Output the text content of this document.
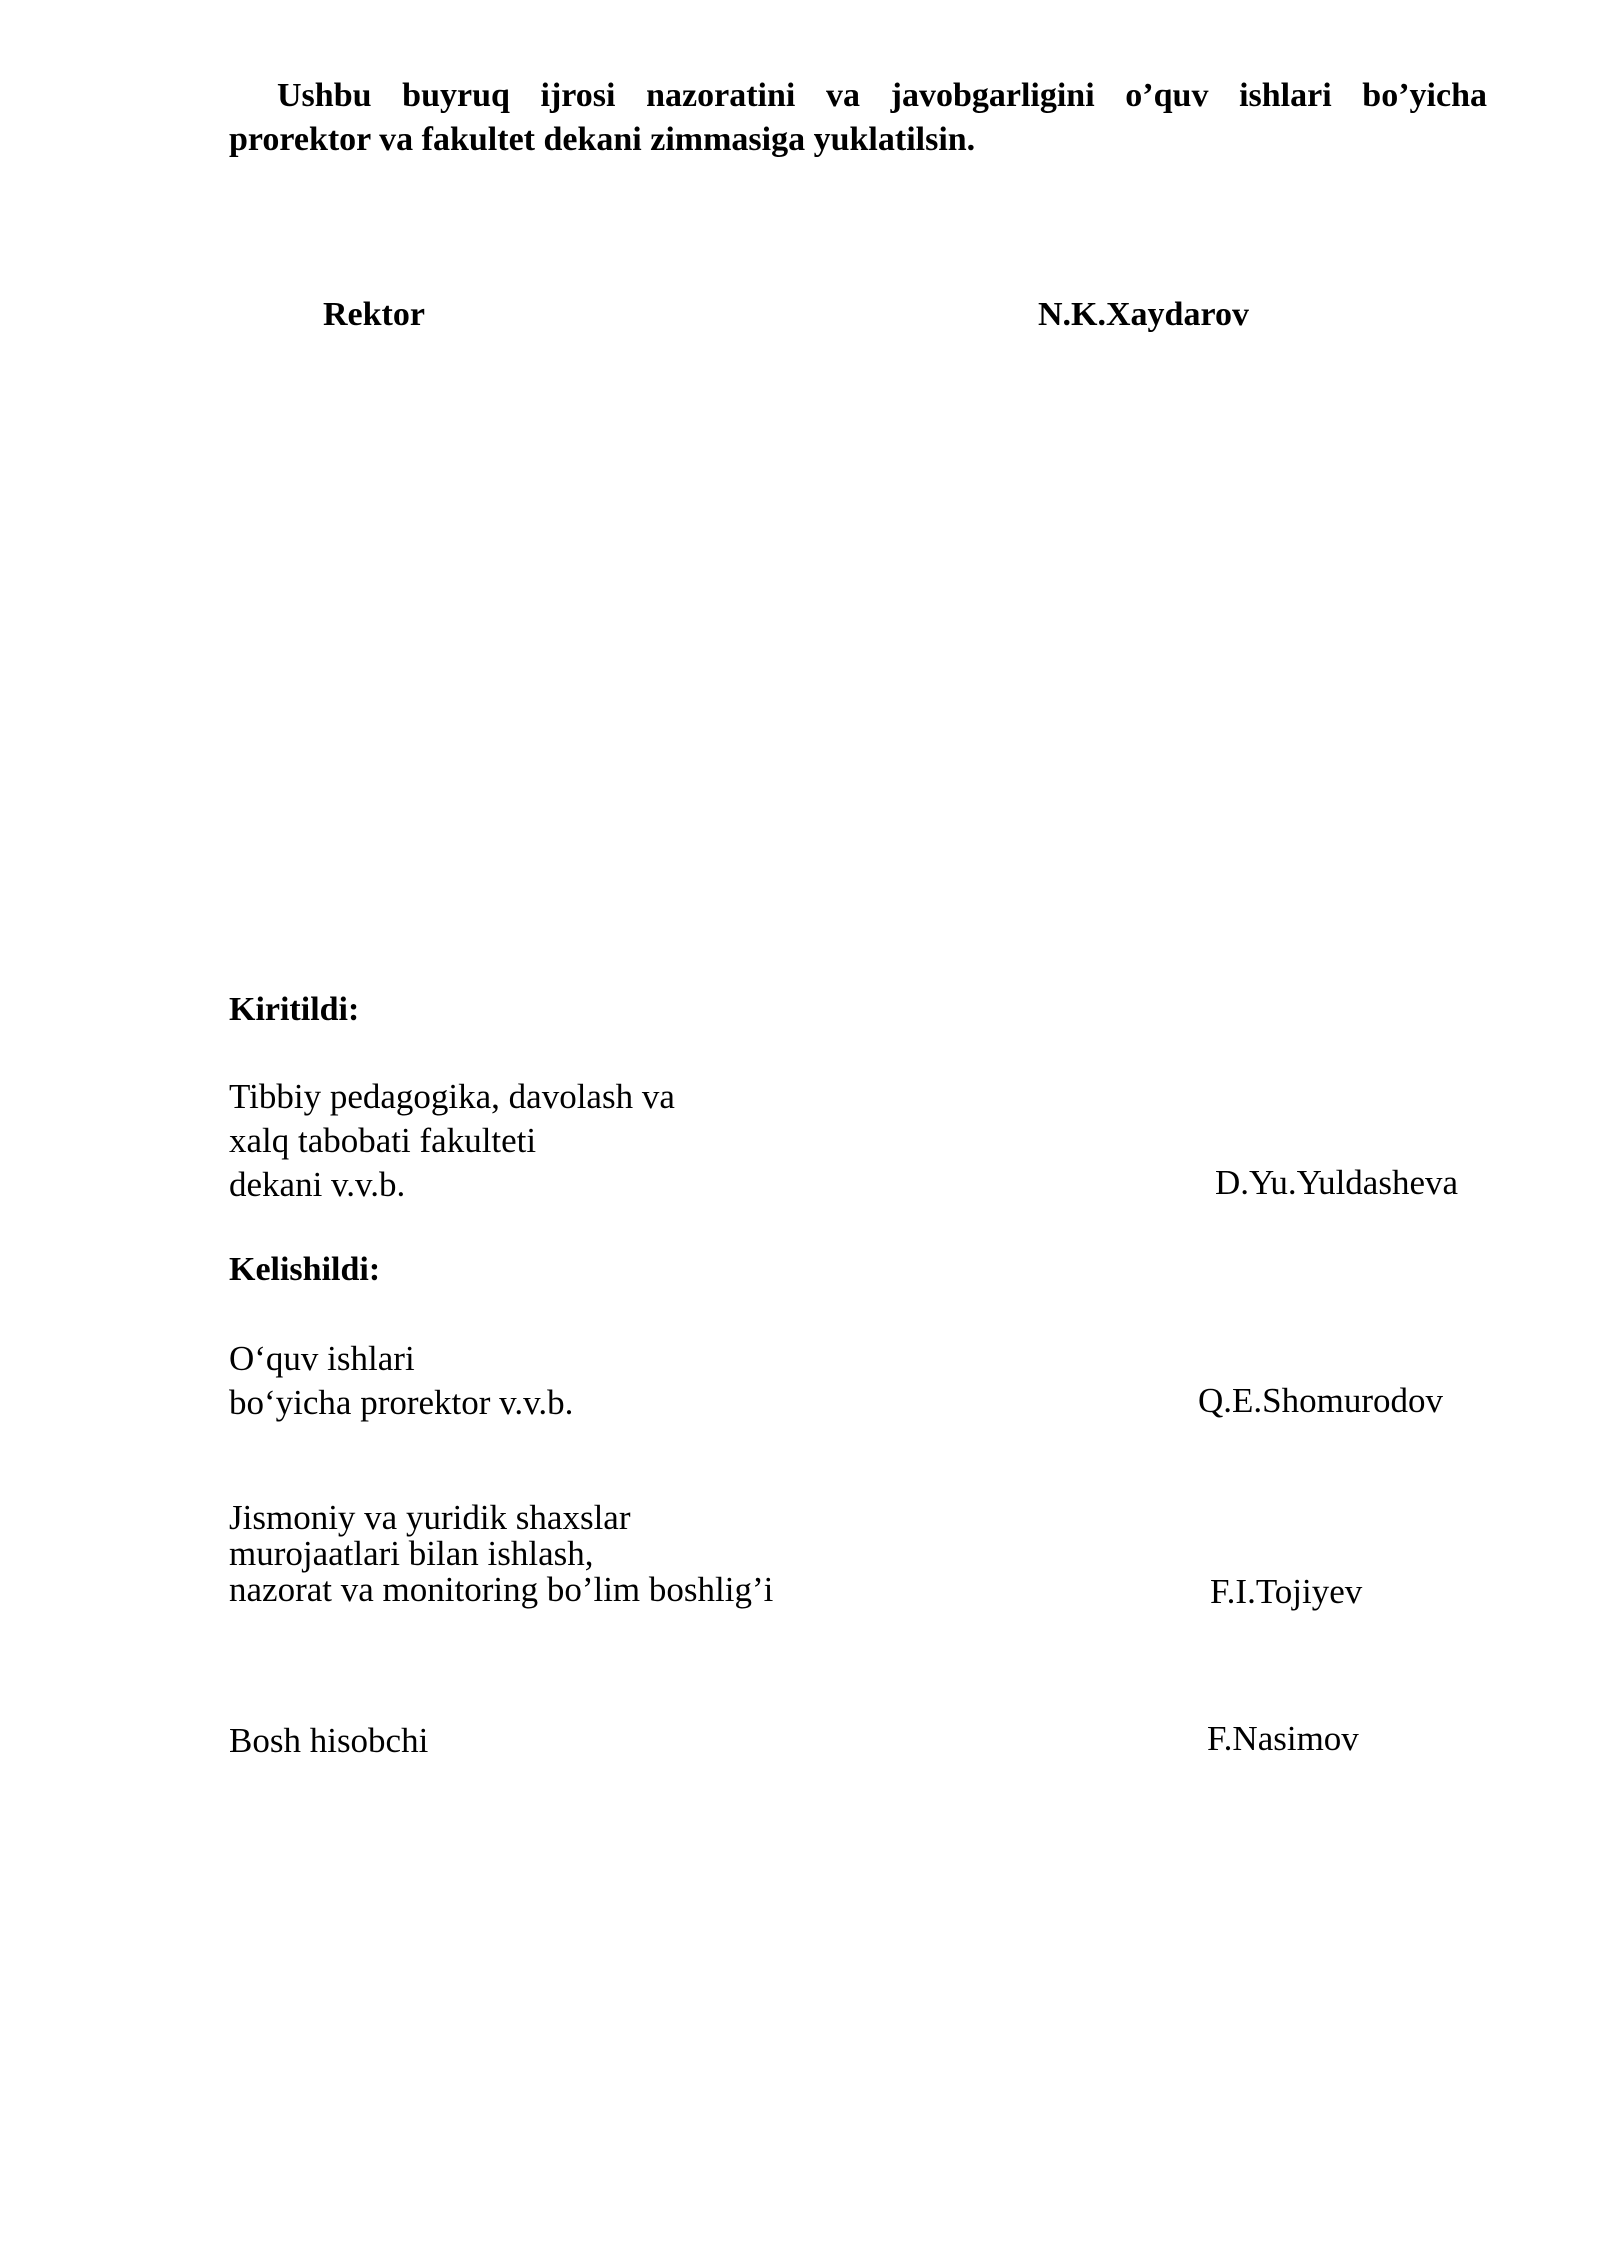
Ushbu buyruq ijrosi nazoratini va javobgarligini o’quv ishlari bo’yicha
prorektor va fakultet dekani zimmasiga yuklatilsin.
Rektor	N.K.Xaydarov
Kiritildi:
Tibbiy pedagogika, davolash va
xalq tabobati fakulteti
dekani v.v.b.	D.Yu.Yuldasheva
Kelishildi:
O‘quv ishlari
bo‘yicha prorektor v.v.b.	Q.E.Shomurodov
Jismoniy va yuridik shaxslar
murojaatlari bilan ishlash,
nazorat va monitoring bo’lim boshlig’i	F.I.Tojiyev
Bosh hisobchi	F.Nasimov
